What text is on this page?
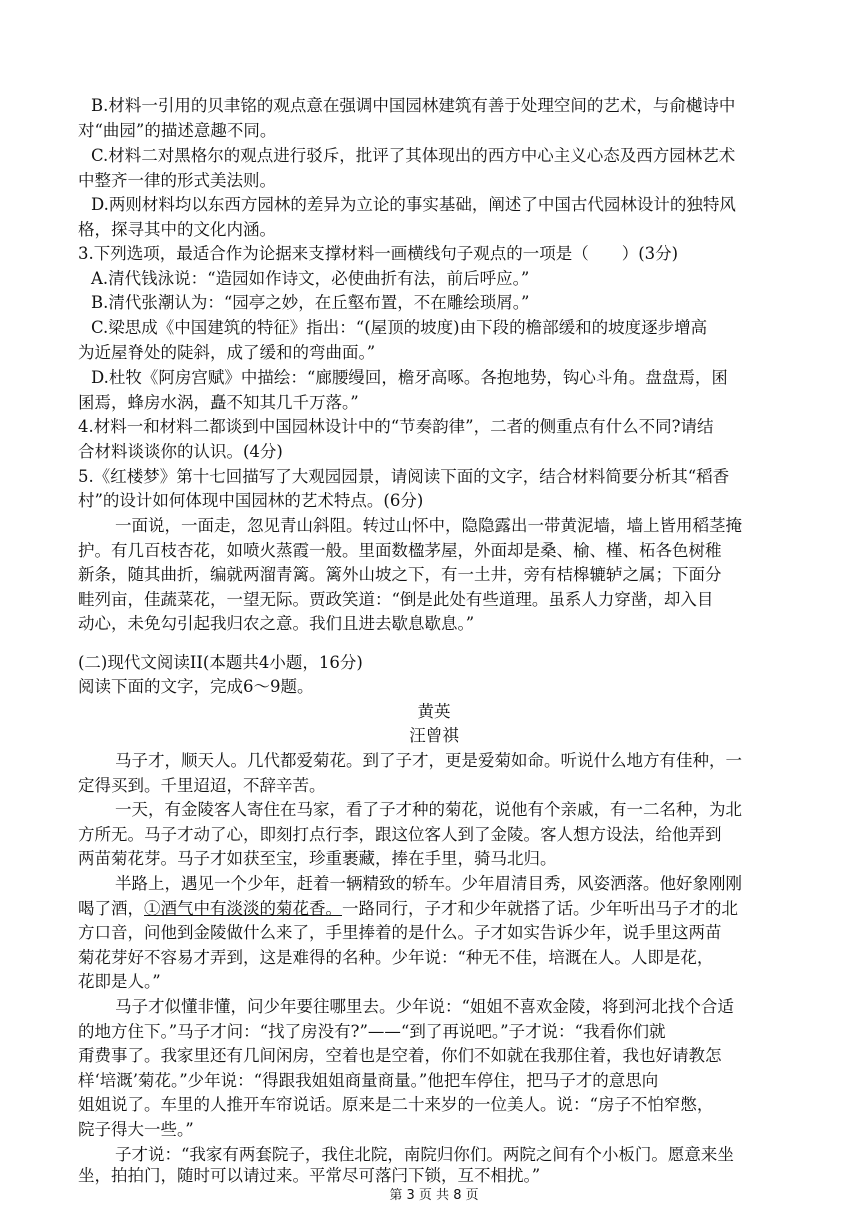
B.材料一引用的贝聿铭的观点意在强调中国园林建筑有善于处理空间的艺术，与俞樾诗中
对“曲园”的描述意趣不同。
C.材料二对黑格尔的观点进行驳斥，批评了其体现出的西方中心主义心态及西方园林艺术
中整齐一律的形式美法则。
D.两则材料均以东西方园林的差异为立论的事实基础，阐述了中国古代园林设计的独特风
格，探寻其中的文化内涵。
3.下列选项，最适合作为论据来支撑材料一画横线句子观点的一项是（　　）(3分)
A.清代钱泳说：“造园如作诗文，必使曲折有法，前后呼应。”
B.清代张潮认为：“园亭之妙，在丘壑布置，不在雕绘琐屑。”
C.梁思成《中国建筑的特征》指出：“(屋顶的坡度)由下段的檐部缓和的坡度逐步增高
为近屋脊处的陡斜，成了缓和的弯曲面。”
D.杜牧《阿房宫赋》中描绘：“廊腰缦回，檐牙高啄。各抱地势，钩心斗角。盘盘焉，囷
囷焉，蜂房水涡，矗不知其几千万落。”
4.材料一和材料二都谈到中国园林设计中的“节奏韵律”，二者的侧重点有什么不同?请结
合材料谈谈你的认识。(4分)
5.《红楼梦》第十七回描写了大观园园景，请阅读下面的文字，结合材料简要分析其“稻香
村”的设计如何体现中国园林的艺术特点。(6分)
一面说，一面走，忽见青山斜阻。转过山怀中，隐隐露出一带黄泥墙，墙上皆用稻茎掩
护。有几百枝杏花，如喷火蒸霞一般。里面数楹茅屋，外面却是桑、榆、槿、柘各色树稚
新条，随其曲折，编就两溜青篱。篱外山坡之下，有一土井，旁有桔槔辘轳之属；下面分
畦列亩，佳蔬菜花，一望无际。贾政笑道：“倒是此处有些道理。虽系人力穿凿，却入目
动心，未免勾引起我归农之意。我们且进去歇息歇息。”
(二)现代文阅读II(本题共4小题，16分)
阅读下面的文字，完成6～9题。
黄英
汪曾祺
马子才，顺天人。几代都爱菊花。到了子才，更是爱菊如命。听说什么地方有佳种，一
定得买到。千里迢迢，不辞辛苦。
一天，有金陵客人寄住在马家，看了子才种的菊花，说他有个亲戚，有一二名种，为北
方所无。马子才动了心，即刻打点行李，跟这位客人到了金陵。客人想方设法，给他弄到
两苗菊花芽。马子才如获至宝，珍重裹藏，捧在手里，骑马北归。
半路上，遇见一个少年，赶着一辆精致的轿车。少年眉清目秀，风姿洒落。他好象刚刚
喝了酒，①酒气中有淡淡的菊花香。一路同行，子才和少年就搭了话。少年听出马子才的北
方口音，问他到金陵做什么来了，手里捧着的是什么。子才如实告诉少年，说手里这两苗
菊花芽好不容易才弄到，这是难得的名种。少年说：“种无不佳，培溉在人。人即是花，
花即是人。”
马子才似懂非懂，问少年要往哪里去。少年说：“姐姐不喜欢金陵，将到河北找个合适
的地方住下。”马子才问：“找了房没有?”——“到了再说吧。”子才说：“我看你们就
甭费事了。我家里还有几间闲房，空着也是空着，你们不如就在我那住着，我也好请教怎
样‘培溉’菊花。”少年说：“得跟我姐姐商量商量。”他把车停住，把马子才的意思向
姐姐说了。车里的人推开车帘说话。原来是二十来岁的一位美人。说：“房子不怕窄憋，
院子得大一些。”
子才说：“我家有两套院子，我住北院，南院归你们。两院之间有个小板门。愿意来坐
坐，拍拍门，随时可以请过来。平常尽可落闩下锁，互不相扰。”
第 3 页 共 8 页
